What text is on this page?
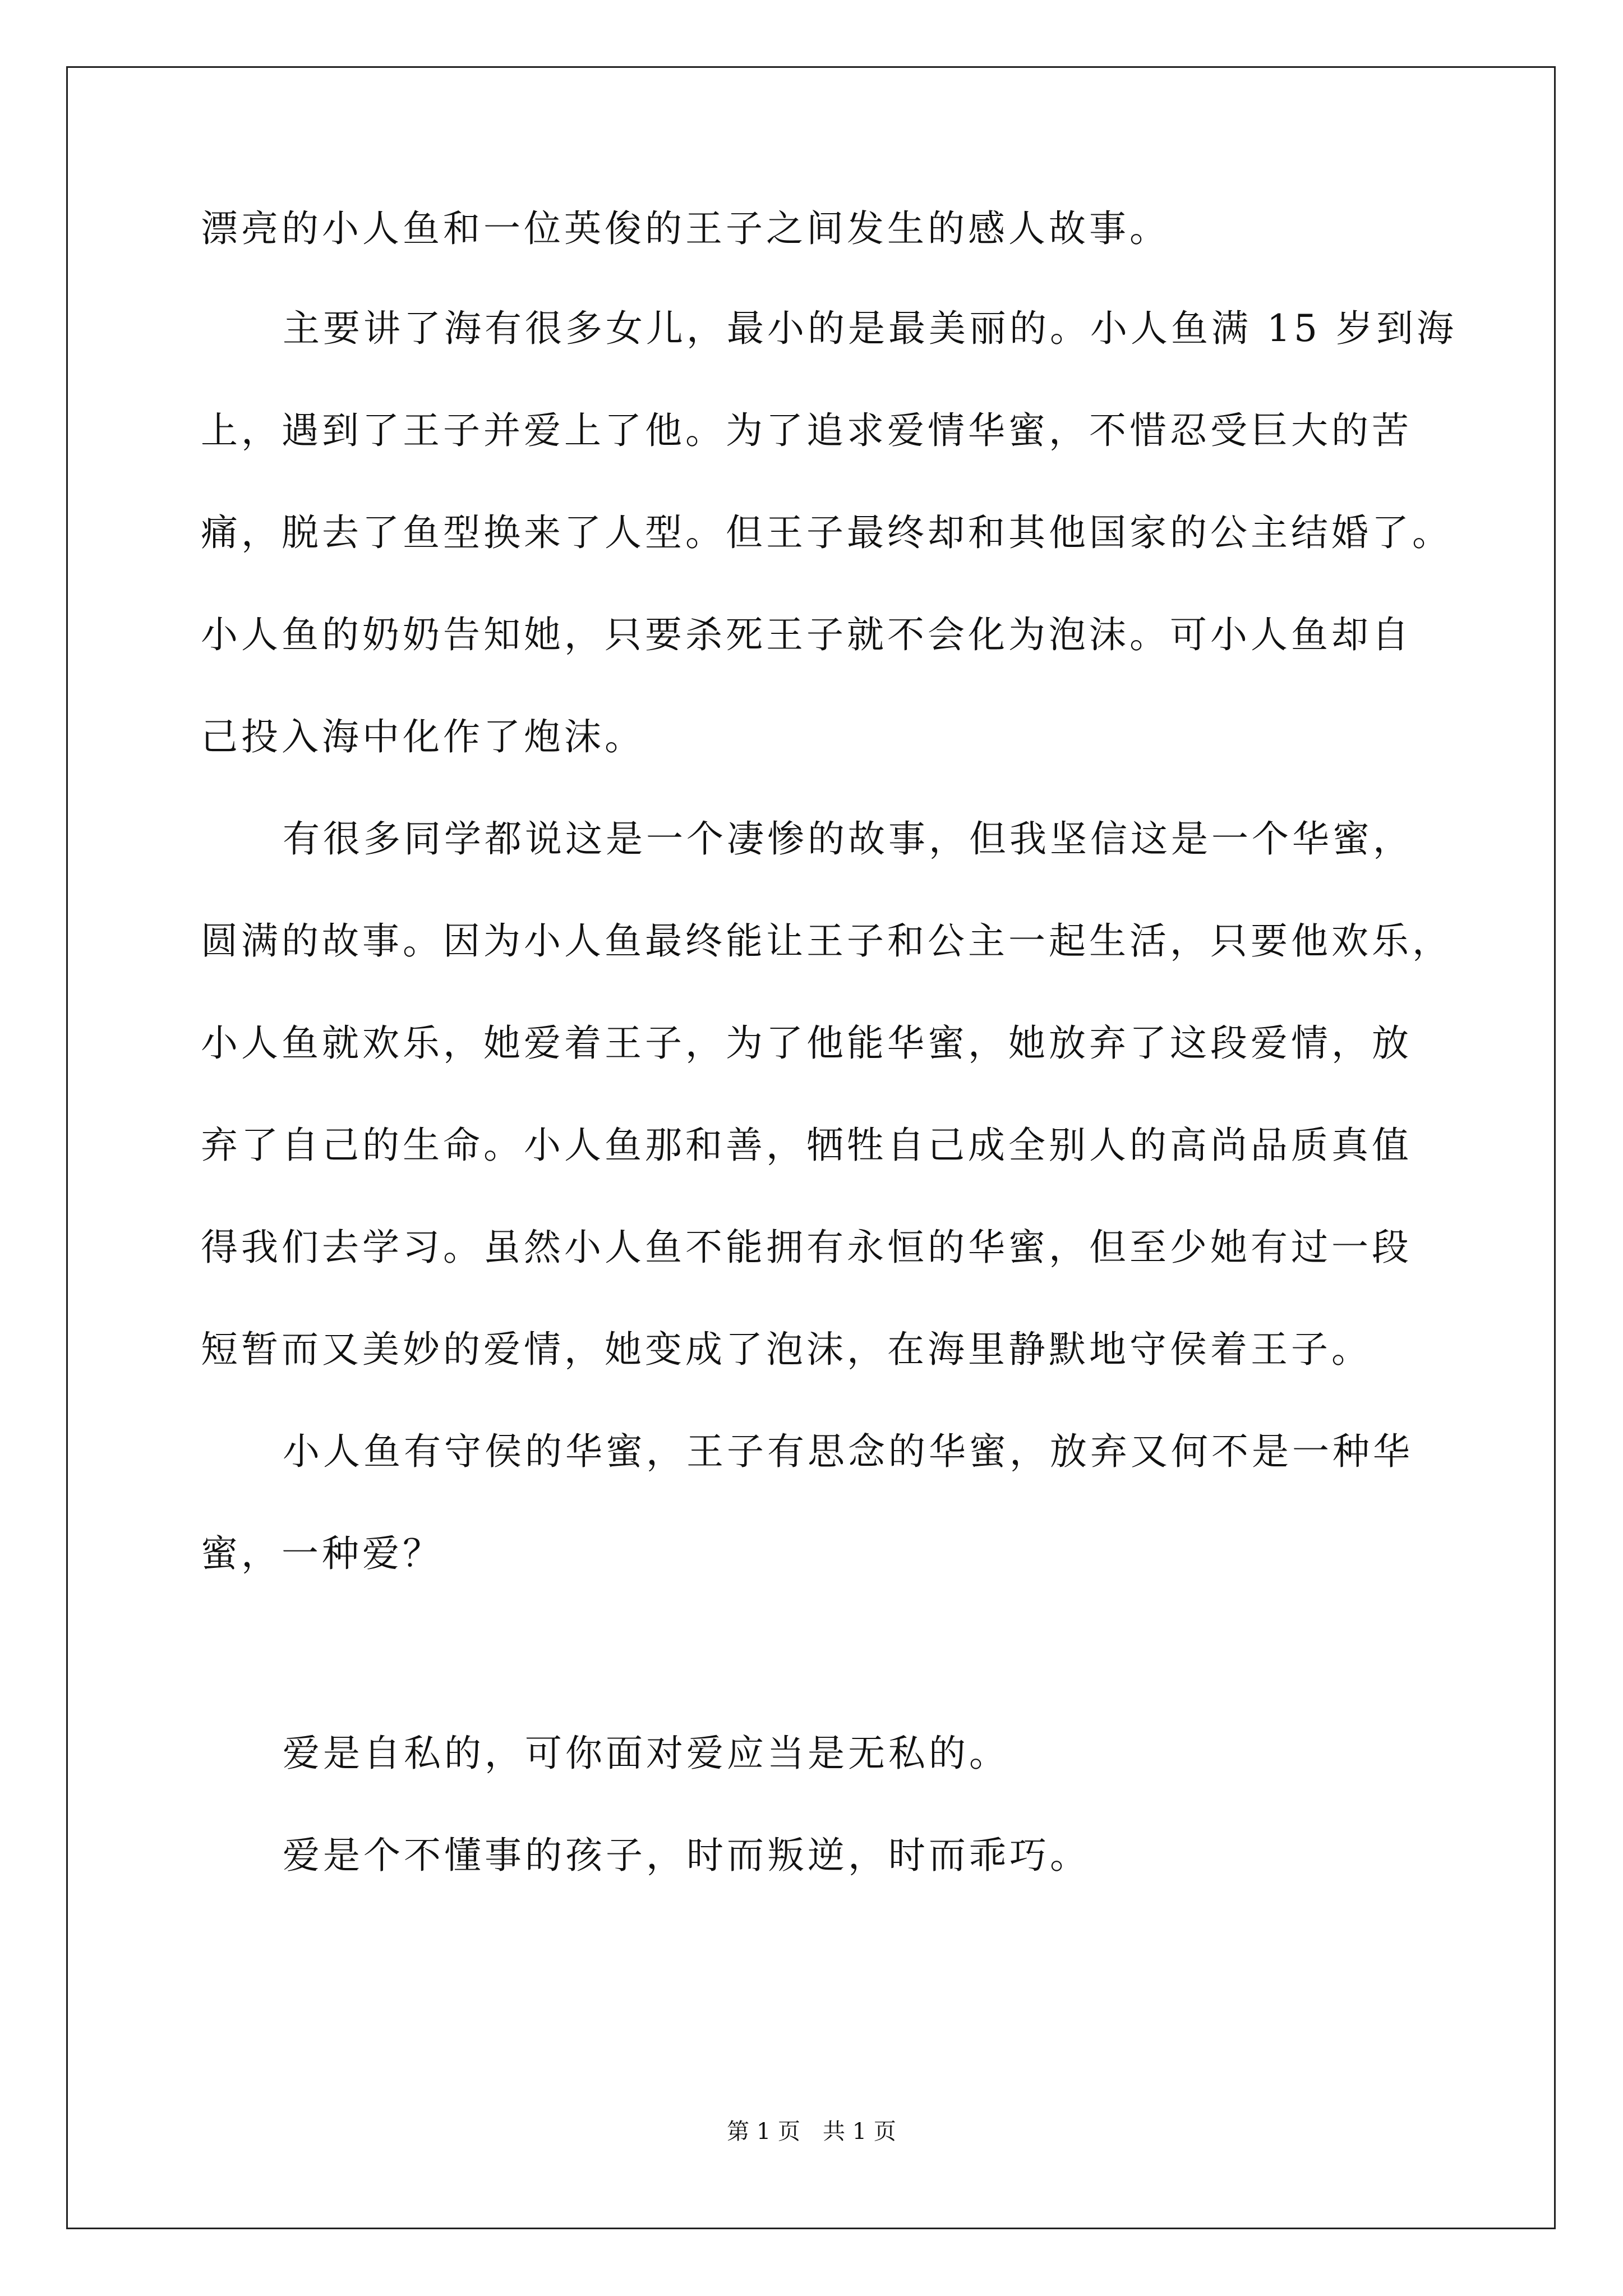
漂亮的小人鱼和一位英俊的王子之间发生的感人故事。
主要讲了海有很多女儿，最小的是最美丽的。小人鱼满 15 岁到海
上，遇到了王子并爱上了他。为了追求爱情华蜜，不惜忍受巨大的苦
痛，脱去了鱼型换来了人型。但王子最终却和其他国家的公主结婚了。
小人鱼的奶奶告知她，只要杀死王子就不会化为泡沫。可小人鱼却自
己投入海中化作了炮沫。
有很多同学都说这是一个凄惨的故事，但我坚信这是一个华蜜，
圆满的故事。因为小人鱼最终能让王子和公主一起生活，只要他欢乐，
小人鱼就欢乐，她爱着王子，为了他能华蜜，她放弃了这段爱情，放
弃了自己的生命。小人鱼那和善，牺牲自己成全别人的高尚品质真值
得我们去学习。虽然小人鱼不能拥有永恒的华蜜，但至少她有过一段
短暂而又美妙的爱情，她变成了泡沫，在海里静默地守侯着王子。
小人鱼有守侯的华蜜，王子有思念的华蜜，放弃又何不是一种华
蜜，一种爱？
爱是自私的，可你面对爱应当是无私的。
爱是个不懂事的孩子，时而叛逆，时而乖巧。
第 1 页　共 1 页
